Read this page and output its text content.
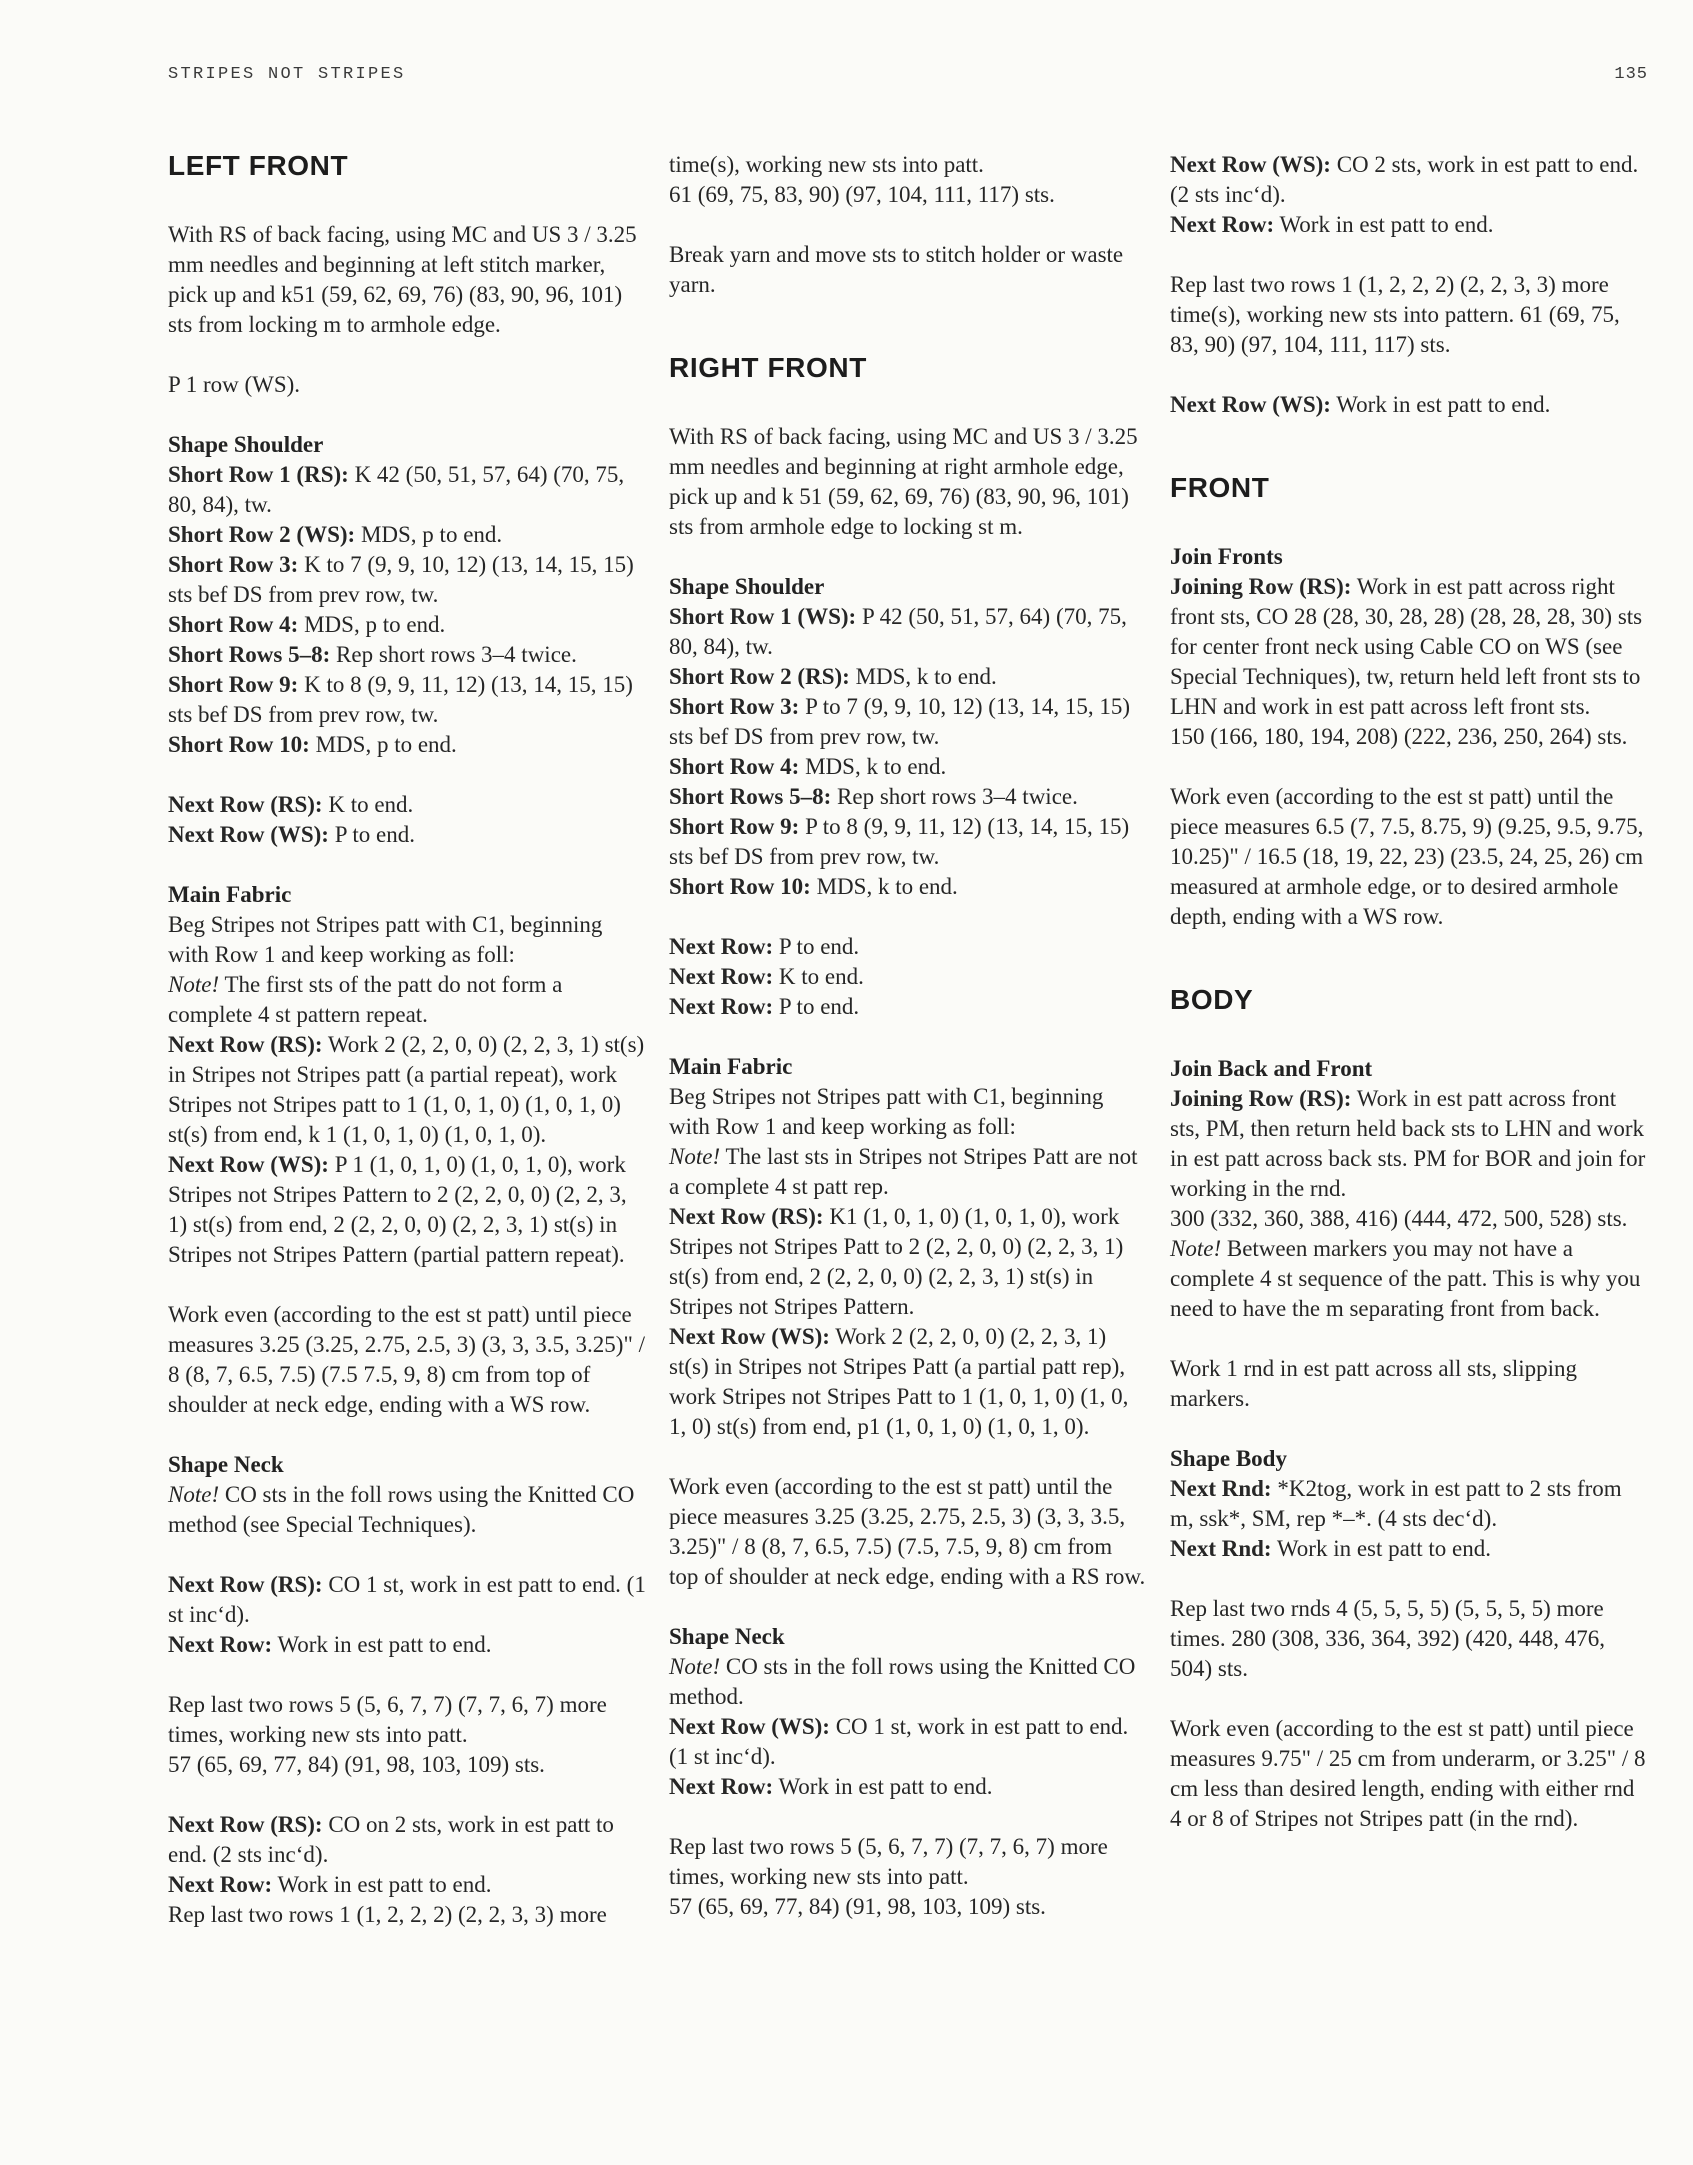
STRIPES NOT STRIPES	135
LEFT FRONT

With RS of back facing, using MC and US 3 / 3.25 mm needles and beginning at left stitch marker, pick up and k51 (59, 62, 69, 76) (83, 90, 96, 101) sts from locking m to armhole edge.

P 1 row (WS).

Shape Shoulder

Short Row 1 (RS): K 42 (50, 51, 57, 64) (70, 75, 80, 84), tw.

Short Row 2 (WS): MDS, p to end.

Short Row 3: K to 7 (9, 9, 10, 12) (13, 14, 15, 15) sts bef DS from prev row, tw.

Short Row 4: MDS, p to end.

Short Rows 5–8: Rep short rows 3–4 twice.

Short Row 9: K to 8 (9, 9, 11, 12) (13, 14, 15, 15) sts bef DS from prev row, tw.

Short Row 10: MDS, p to end.

Next Row (RS): K to end.

Next Row (WS): P to end.

Main Fabric

Beg Stripes not Stripes patt with C1, beginning with Row 1 and keep working as foll:

Note! The first sts of the patt do not form a complete 4 st pattern repeat.

Next Row (RS): Work 2 (2, 2, 0, 0) (2, 2, 3, 1) st(s) in Stripes not Stripes patt (a partial repeat), work Stripes not Stripes patt to 1 (1, 0, 1, 0) (1, 0, 1, 0) st(s) from end, k 1 (1, 0, 1, 0) (1, 0, 1, 0).

Next Row (WS): P 1 (1, 0, 1, 0) (1, 0, 1, 0), work Stripes not Stripes Pattern to 2 (2, 2, 0, 0) (2, 2, 3, 1) st(s) from end, 2 (2, 2, 0, 0) (2, 2, 3, 1) st(s) in Stripes not Stripes Pattern (partial pattern repeat).

Work even (according to the est st patt) until piece measures 3.25 (3.25, 2.75, 2.5, 3) (3, 3, 3.5, 3.25)" / 8 (8, 7, 6.5, 7.5) (7.5 7.5, 9, 8) cm from top of shoulder at neck edge, ending with a WS row.

Shape Neck

Note! CO sts in the foll rows using the Knitted CO method (see Special Techniques).

Next Row (RS): CO 1 st, work in est patt to end. (1 st inc‘d).

Next Row: Work in est patt to end.

Rep last two rows 5 (5, 6, 7, 7) (7, 7, 6, 7) more times, working new sts into patt.

57 (65, 69, 77, 84) (91, 98, 103, 109) sts.

Next Row (RS): CO on 2 sts, work in est patt to end. (2 sts inc‘d).

Next Row: Work in est patt to end.

Rep last two rows 1 (1, 2, 2, 2) (2, 2, 3, 3) more

time(s), working new sts into patt.

61 (69, 75, 83, 90) (97, 104, 111, 117) sts.

Break yarn and move sts to stitch holder or waste yarn.

RIGHT FRONT

With RS of back facing, using MC and US 3 / 3.25 mm needles and beginning at right armhole edge, pick up and k 51 (59, 62, 69, 76) (83, 90, 96, 101) sts from armhole edge to locking st m.

Shape Shoulder

Short Row 1 (WS): P 42 (50, 51, 57, 64) (70, 75, 80, 84), tw.

Short Row 2 (RS): MDS, k to end.

Short Row 3: P to 7 (9, 9, 10, 12) (13, 14, 15, 15) sts bef DS from prev row, tw.

Short Row 4: MDS, k to end.

Short Rows 5–8: Rep short rows 3–4 twice.

Short Row 9: P to 8 (9, 9, 11, 12) (13, 14, 15, 15) sts bef DS from prev row, tw.

Short Row 10: MDS, k to end.

Next Row: P to end.

Next Row: K to end.

Next Row: P to end.

Main Fabric

Beg Stripes not Stripes patt with C1, beginning with Row 1 and keep working as foll:

Note! The last sts in Stripes not Stripes Patt are not a complete 4 st patt rep.

Next Row (RS): K1 (1, 0, 1, 0) (1, 0, 1, 0), work Stripes not Stripes Patt to 2 (2, 2, 0, 0) (2, 2, 3, 1) st(s) from end, 2 (2, 2, 0, 0) (2, 2, 3, 1) st(s) in Stripes not Stripes Pattern.

Next Row (WS): Work 2 (2, 2, 0, 0) (2, 2, 3, 1) st(s) in Stripes not Stripes Patt (a partial patt rep), work Stripes not Stripes Patt to 1 (1, 0, 1, 0) (1, 0, 1, 0) st(s) from end, p1 (1, 0, 1, 0) (1, 0, 1, 0).

Work even (according to the est st patt) until the piece measures 3.25 (3.25, 2.75, 2.5, 3) (3, 3, 3.5, 3.25)" / 8 (8, 7, 6.5, 7.5) (7.5, 7.5, 9, 8) cm from top of shoulder at neck edge, ending with a RS row.

Shape Neck

Note! CO sts in the foll rows using the Knitted CO method.

Next Row (WS): CO 1 st, work in est patt to end. (1 st inc‘d).

Next Row: Work in est patt to end.

Rep last two rows 5 (5, 6, 7, 7) (7, 7, 6, 7) more times, working new sts into patt.

57 (65, 69, 77, 84) (91, 98, 103, 109) sts.

Next Row (WS): CO 2 sts, work in est patt to end. (2 sts inc‘d).

Next Row: Work in est patt to end.

Rep last two rows 1 (1, 2, 2, 2) (2, 2, 3, 3) more time(s), working new sts into pattern. 61 (69, 75, 83, 90) (97, 104, 111, 117) sts.

Next Row (WS): Work in est patt to end.

FRONT
Join Fronts

Joining Row (RS): Work in est patt across right front sts, CO 28 (28, 30, 28, 28) (28, 28, 28, 30) sts for center front neck using Cable CO on WS (see Special Techniques), tw, return held left front sts to LHN and work in est patt across left front sts.

150 (166, 180, 194, 208) (222, 236, 250, 264) sts.

Work even (according to the est st patt) until the piece measures 6.5 (7, 7.5, 8.75, 9) (9.25, 9.5, 9.75, 10.25)" / 16.5 (18, 19, 22, 23) (23.5, 24, 25, 26) cm measured at armhole edge, or to desired armhole depth, ending with a WS row.

BODY
Join Back and Front

Joining Row (RS): Work in est patt across front sts, PM, then return held back sts to LHN and work in est patt across back sts. PM for BOR and join for working in the rnd.

300 (332, 360, 388, 416) (444, 472, 500, 528) sts.

Note! Between markers you may not have a complete 4 st sequence of the patt. This is why you need to have the m separating front from back.

Work 1 rnd in est patt across all sts, slipping markers.

Shape Body

Next Rnd: *K2tog, work in est patt to 2 sts from m, ssk*, SM, rep *–*. (4 sts dec‘d).

Next Rnd: Work in est patt to end.

Rep last two rnds 4 (5, 5, 5, 5) (5, 5, 5, 5) more times. 280 (308, 336, 364, 392) (420, 448, 476, 504) sts.

Work even (according to the est st patt) until piece measures 9.75" / 25 cm from underarm, or 3.25" / 8 cm less than desired length, ending with either rnd 4 or 8 of Stripes not Stripes patt (in the rnd).
